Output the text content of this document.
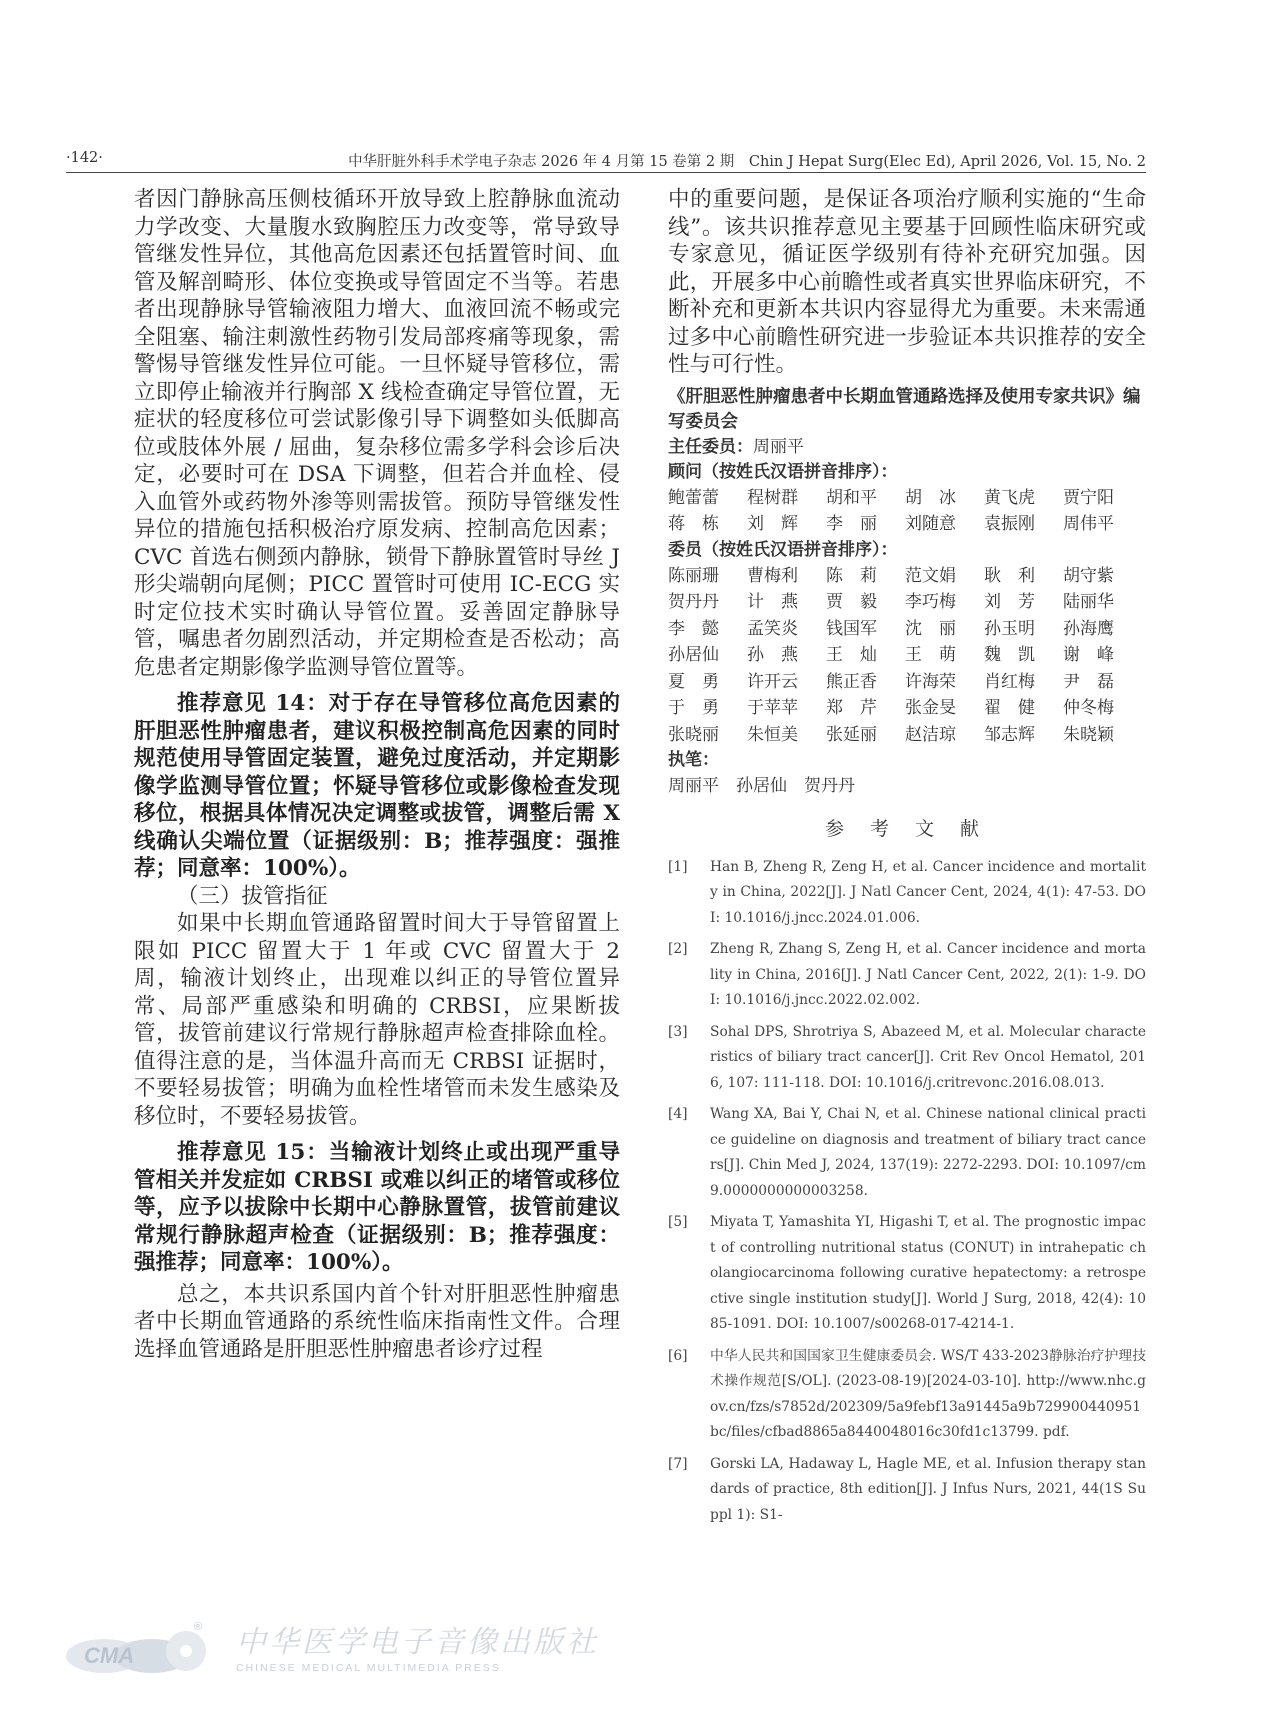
·142·	中华肝脏外科手术学电子杂志 2026 年 4 月第 15 卷第 2 期 Chin J Hepat Surg(Elec Ed), April 2026, Vol. 15, No. 2

者因门静脉高压侧枝循环开放导致上腔静脉血流动力学改变、大量腹水致胸腔压力改变等，常导致导管继发性异位，其他高危因素还包括置管时间、血管及解剖畸形、体位变换或导管固定不当等。若患者出现静脉导管输液阻力增大、血液回流不畅或完全阻塞、输注刺激性药物引发局部疼痛等现象，需警惕导管继发性异位可能。一旦怀疑导管移位，需立即停止输液并行胸部 X 线检查确定导管位置，无症状的轻度移位可尝试影像引导下调整如头低脚高位或肢体外展 / 屈曲，复杂移位需多学科会诊后决定，必要时可在 DSA 下调整，但若合并血栓、侵入血管外或药物外渗等则需拔管。预防导管继发性异位的措施包括积极治疗原发病、控制高危因素；CVC 首选右侧颈内静脉，锁骨下静脉置管时导丝 J 形尖端朝向尾侧；PICC 置管时可使用 IC-ECG 实时定位技术实时确认导管位置。妥善固定静脉导管，嘱患者勿剧烈活动，并定期检查是否松动；高危患者定期影像学监测导管位置等。

推荐意见 14：对于存在导管移位高危因素的肝胆恶性肿瘤患者，建议积极控制高危因素的同时规范使用导管固定装置，避免过度活动，并定期影像学监测导管位置；怀疑导管移位或影像检查发现移位，根据具体情况决定调整或拔管，调整后需 X 线确认尖端位置（证据级别：B；推荐强度：强推荐；同意率：100%）。

（三）拔管指征

如果中长期血管通路留置时间大于导管留置上限如 PICC 留置大于 1 年或 CVC 留置大于 2 周，输液计划终止，出现难以纠正的导管位置异常、局部严重感染和明确的 CRBSI，应果断拔管，拔管前建议行常规行静脉超声检查排除血栓。值得注意的是，当体温升高而无 CRBSI 证据时，不要轻易拔管；明确为血栓性堵管而未发生感染及移位时，不要轻易拔管。

推荐意见 15：当输液计划终止或出现严重导管相关并发症如 CRBSI 或难以纠正的堵管或移位等，应予以拔除中长期中心静脉置管，拔管前建议常规行静脉超声检查（证据级别：B；推荐强度：强推荐；同意率：100%）。

总之，本共识系国内首个针对肝胆恶性肿瘤患者中长期血管通路的系统性临床指南性文件。合理选择血管通路是肝胆恶性肿瘤患者诊疗过程

中的重要问题，是保证各项治疗顺利实施的“生命线”。该共识推荐意见主要基于回顾性临床研究或专家意见，循证医学级别有待补充研究加强。因此，开展多中心前瞻性或者真实世界临床研究，不断补充和更新本共识内容显得尤为重要。未来需通过多中心前瞻性研究进一步验证本共识推荐的安全性与可行性。

《肝胆恶性肿瘤患者中长期血管通路选择及使用专家共识》编写委员会

主任委员：周丽平

顾问（按姓氏汉语拼音排序）：

鲍蕾蕾 程树群 胡和平 胡　冰 黄飞虎 贾宁阳

蒋　栋 刘　辉 李　丽 刘随意 袁振刚 周伟平

委员（按姓氏汉语拼音排序）：

陈丽珊 曹梅利 陈　莉 范文娟 耿　利 胡守紫

贺丹丹 计　燕 贾　毅 李巧梅 刘　芳 陆丽华

李　懿 孟笑炎 钱国军 沈　丽 孙玉明 孙海鹰

孙居仙 孙　燕 王　灿 王　萌 魏　凯 谢　峰

夏　勇 许开云 熊正香 许海荣 肖红梅 尹　磊

于　勇 于苹苹 郑　芹 张金旻 翟　健 仲冬梅

张晓丽 朱恒美 张延丽 赵洁琼 邹志辉 朱晓颖

执笔：

周丽平　孙居仙　贺丹丹

参 考 文 献

[1] Han B, Zheng R, Zeng H, et al. Cancer incidence and mortality in China, 2022[J]. J Natl Cancer Cent, 2024, 4(1): 47-53. DOI: 10.1016/j.jncc.2024.01.006.

[2] Zheng R, Zhang S, Zeng H, et al. Cancer incidence and mortality in China, 2016[J]. J Natl Cancer Cent, 2022, 2(1): 1-9. DOI: 10.1016/j.jncc.2022.02.002.

[3] Sohal DPS, Shrotriya S, Abazeed M, et al. Molecular characteristics of biliary tract cancer[J]. Crit Rev Oncol Hematol, 2016, 107: 111-118. DOI: 10.1016/j.critrevonc.2016.08.013.

[4] Wang XA, Bai Y, Chai N, et al. Chinese national clinical practice guideline on diagnosis and treatment of biliary tract cancers[J]. Chin Med J, 2024, 137(19): 2272-2293. DOI: 10.1097/cm9.0000000000003258.

[5] Miyata T, Yamashita YI, Higashi T, et al. The prognostic impact of controlling nutritional status (CONUT) in intrahepatic cholangiocarcinoma following curative hepatectomy: a retrospective single institution study[J]. World J Surg, 2018, 42(4): 1085-1091. DOI: 10.1007/s00268-017-4214-1.

[6] 中华人民共和国国家卫生健康委员会. WS/T 433-2023静脉治疗护理技术操作规范[S/OL]. (2023-08-19)[2024-03-10]. http://www.nhc.gov.cn/fzs/s7852d/202309/5a9febf13a91445a9b729900440951bc/files/cfbad8865a8440048016c30fd1c13799. pdf.

[7] Gorski LA, Hadaway L, Hagle ME, et al. Infusion therapy standards of practice, 8th edition[J]. J Infus Nurs, 2021, 44(1S Suppl 1): S1-

CMA
® 中华医学电子音像出版社
CHINESE MEDICAL MULTIMEDIA PRESS
